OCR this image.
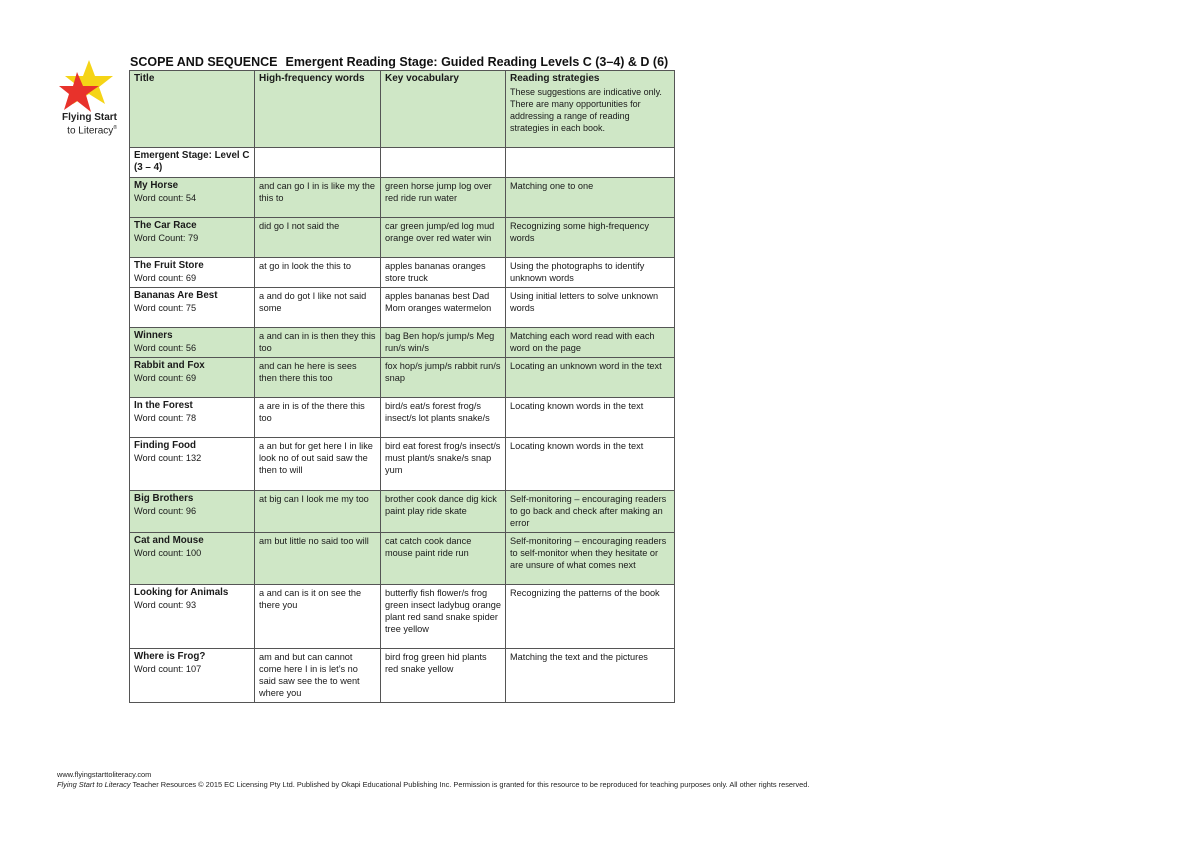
Flying Start
to Literacy®
SCOPE AND SEQUENCE Emergent Reading Stage: Guided Reading Levels C (3–4) & D (6)
Title	High-frequency words	Key vocabulary	Reading strategies
These suggestions are indicative only. There are many opportunities for addressing a range of reading strategies in each book.

Emergent Stage: Level C (3 – 4)			

My Horse
Word count: 54	and can go I in is like my the this to	green horse jump log over red ride run water	Matching one to one

The Car Race
Word Count: 79	did go I not said the	car green jump/ed log mud orange over red water win	Recognizing some high-frequency words

The Fruit Store
Word count: 69	at go in look the this to	apples bananas oranges store truck	Using the photographs to identify unknown words

Bananas Are Best
Word count: 75	a and do got I like not said some	apples bananas best Dad Mom oranges watermelon	Using initial letters to solve unknown words

Winners
Word count: 56	a and can in is then they this too	bag Ben hop/s jump/s Meg run/s win/s	Matching each word read with each word on the page

Rabbit and Fox
Word count: 69	and can he here is sees then there this too	fox hop/s jump/s rabbit run/s snap	Locating an unknown word in the text

In the Forest
Word count: 78	a are in is of the there this too	bird/s eat/s forest frog/s insect/s lot plants snake/s	Locating known words in the text

Finding Food
Word count: 132	a an but for get here I in like look no of out said saw the then to will	bird eat forest frog/s insect/s must plant/s snake/s snap yum	Locating known words in the text

Big Brothers
Word count: 96	at big can I look me my too	brother cook dance dig kick paint play ride skate	Self-monitoring – encouraging readers to go back and check after making an error

Cat and Mouse
Word count: 100	am but little no said too will	cat catch cook dance mouse paint ride run	Self-monitoring – encouraging readers to self-monitor when they hesitate or are unsure of what comes next

Looking for Animals
Word count: 93	a and can is it on see the there you	butterfly fish flower/s frog green insect ladybug orange plant red sand snake spider tree yellow	Recognizing the patterns of the book

Where is Frog?
Word count: 107	am and but can cannot come here I in is let’s no said saw see the to went where you	bird frog green hid plants red snake yellow	Matching the text and the pictures
www.flyingstarttoliteracy.com
Flying Start to Literacy Teacher Resources © 2015 EC Licensing Pty Ltd. Published by Okapi Educational Publishing Inc. Permission is granted for this resource to be reproduced for teaching purposes only. All other rights reserved.
